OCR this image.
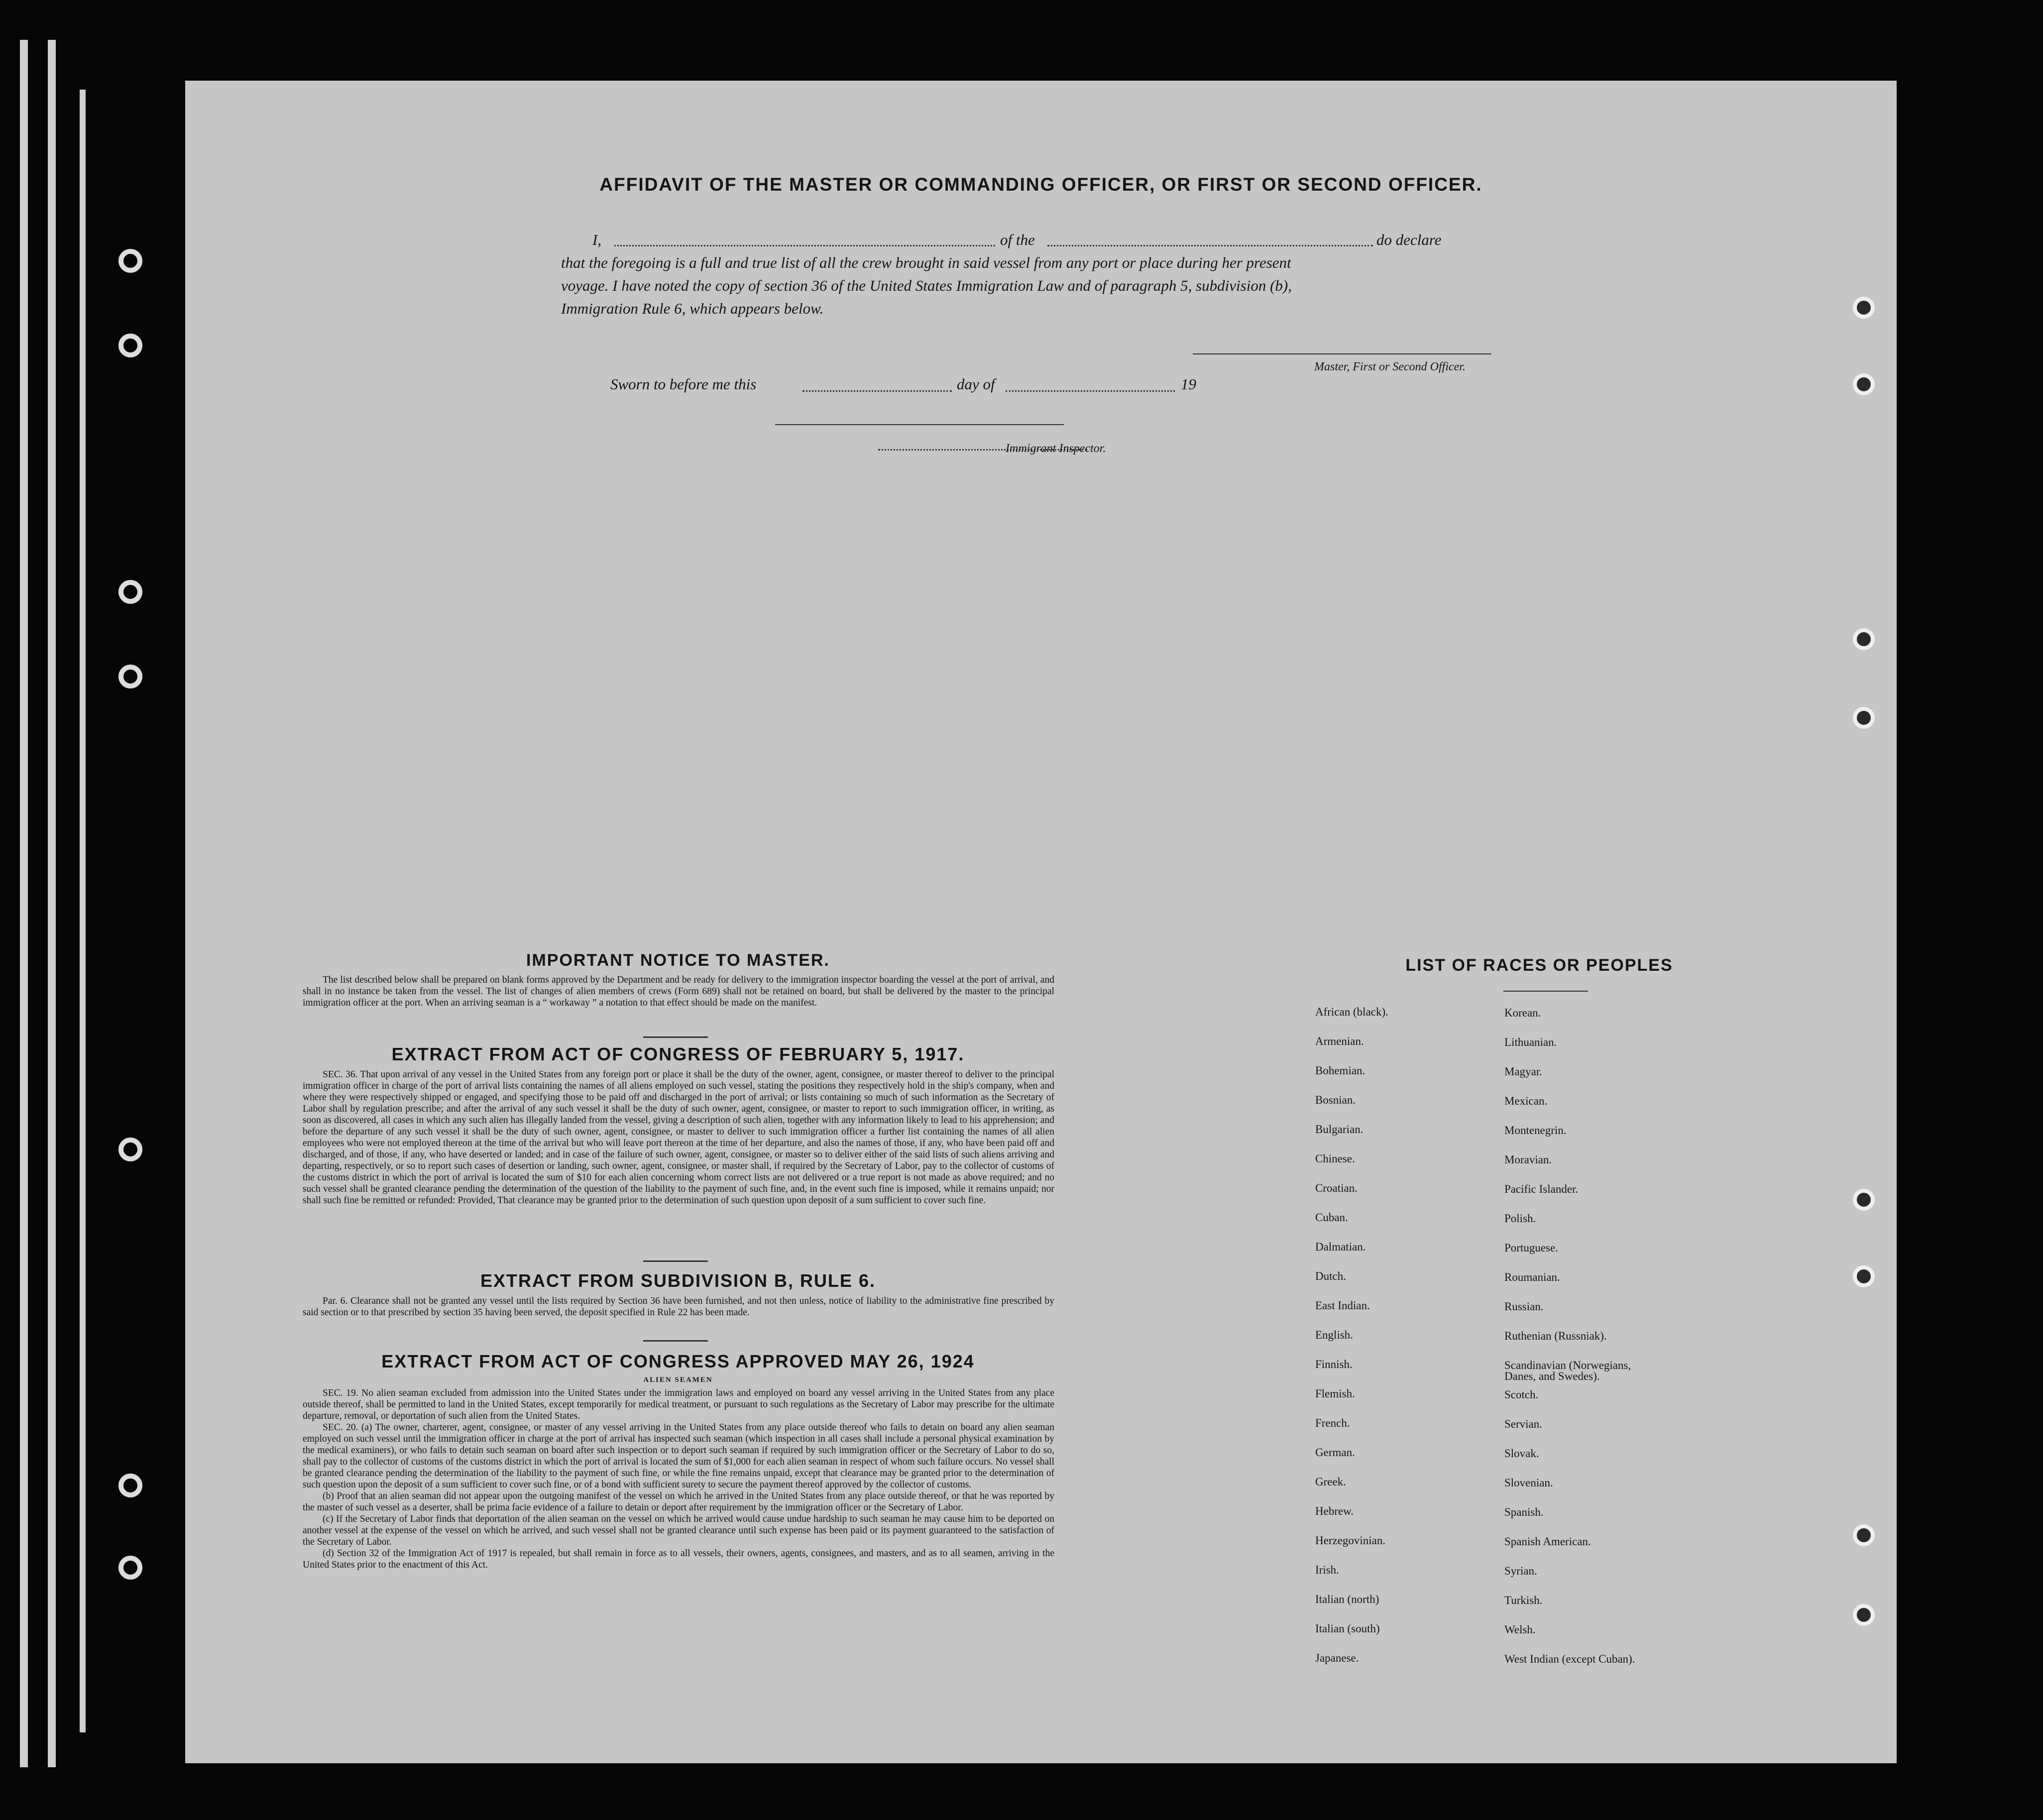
AFFIDAVIT OF THE MASTER OR COMMANDING OFFICER, OR FIRST OR SECOND OFFICER.
I,	of the	do declare
that the foregoing is a full and true list of all the crew brought in said vessel from any port or place during her present
voyage. I have noted the copy of section 36 of the United States Immigration Law and of paragraph 5, subdivision (b),
Immigration Rule 6, which appears below.
Master, First or Second Officer.
Sworn to before me this	day of	19
Immigrant Inspector.
IMPORTANT NOTICE TO MASTER.

The list described below shall be prepared on blank forms approved by the Department and be ready for delivery to the immigration inspector boarding the vessel at the port of arrival, and shall in no instance be taken from the vessel. The list of changes of alien members of crews (Form 689) shall not be retained on board, but shall be delivered by the master to the principal immigration officer at the port. When an arriving seaman is a “ workaway ” a notation to that effect should be made on the manifest.

EXTRACT FROM ACT OF CONGRESS OF FEBRUARY 5, 1917.

SEC. 36. That upon arrival of any vessel in the United States from any foreign port or place it shall be the duty of the owner, agent, consignee, or master thereof to deliver to the principal immigration officer in charge of the port of arrival lists containing the names of all aliens employed on such vessel, stating the positions they respectively hold in the ship's company, when and where they were respectively shipped or engaged, and specifying those to be paid off and discharged in the port of arrival; or lists containing so much of such information as the Secretary of Labor shall by regulation prescribe; and after the arrival of any such vessel it shall be the duty of such owner, agent, consignee, or master to report to such immigration officer, in writing, as soon as discovered, all cases in which any such alien has illegally landed from the vessel, giving a description of such alien, together with any information likely to lead to his apprehension; and before the departure of any such vessel it shall be the duty of such owner, agent, consignee, or master to deliver to such immigration officer a further list containing the names of all alien employees who were not employed thereon at the time of the arrival but who will leave port thereon at the time of her departure, and also the names of those, if any, who have been paid off and discharged, and of those, if any, who have deserted or landed; and in case of the failure of such owner, agent, consignee, or master so to deliver either of the said lists of such aliens arriving and departing, respectively, or so to report such cases of desertion or landing, such owner, agent, consignee, or master shall, if required by the Secretary of Labor, pay to the collector of customs of the customs district in which the port of arrival is located the sum of $10 for each alien concerning whom correct lists are not delivered or a true report is not made as above required; and no such vessel shall be granted clearance pending the determination of the question of the liability to the payment of such fine, and, in the event such fine is imposed, while it remains unpaid; nor shall such fine be remitted or refunded: Provided, That clearance may be granted prior to the determination of such question upon deposit of a sum sufficient to cover such fine.

EXTRACT FROM SUBDIVISION B, RULE 6.

Par. 6. Clearance shall not be granted any vessel until the lists required by Section 36 have been furnished, and not then unless, notice of liability to the administrative fine prescribed by said section or to that prescribed by section 35 having been served, the deposit specified in Rule 22 has been made.

EXTRACT FROM ACT OF CONGRESS APPROVED MAY 26, 1924
ALIEN SEAMEN

SEC. 19. No alien seaman excluded from admission into the United States under the immigration laws and employed on board any vessel arriving in the United States from any place outside thereof, shall be permitted to land in the United States, except temporarily for medical treatment, or pursuant to such regulations as the Secretary of Labor may prescribe for the ultimate departure, removal, or deportation of such alien from the United States.

SEC. 20. (a) The owner, charterer, agent, consignee, or master of any vessel arriving in the United States from any place outside thereof who fails to detain on board any alien seaman employed on such vessel until the immigration officer in charge at the port of arrival has inspected such seaman (which inspection in all cases shall include a personal physical examination by the medical examiners), or who fails to detain such seaman on board after such inspection or to deport such seaman if required by such immigration officer or the Secretary of Labor to do so, shall pay to the collector of customs of the customs district in which the port of arrival is located the sum of $1,000 for each alien seaman in respect of whom such failure occurs. No vessel shall be granted clearance pending the determination of the liability to the payment of such fine, or while the fine remains unpaid, except that clearance may be granted prior to the determination of such question upon the deposit of a sum sufficient to cover such fine, or of a bond with sufficient surety to secure the payment thereof approved by the collector of customs.

(b) Proof that an alien seaman did not appear upon the outgoing manifest of the vessel on which he arrived in the United States from any place outside thereof, or that he was reported by the master of such vessel as a deserter, shall be prima facie evidence of a failure to detain or deport after requirement by the immigration officer or the Secretary of Labor.

(c) If the Secretary of Labor finds that deportation of the alien seaman on the vessel on which he arrived would cause undue hardship to such seaman he may cause him to be deported on another vessel at the expense of the vessel on which he arrived, and such vessel shall not be granted clearance until such expense has been paid or its payment guaranteed to the satisfaction of the Secretary of Labor.

(d) Section 32 of the Immigration Act of 1917 is repealed, but shall remain in force as to all vessels, their owners, agents, consignees, and masters, and as to all seamen, arriving in the United States prior to the enactment of this Act.

LIST OF RACES OR PEOPLES
African (black).
Armenian.
Bohemian.
Bosnian.
Bulgarian.
Chinese.
Croatian.
Cuban.
Dalmatian.
Dutch.
East Indian.
English.
Finnish.
Flemish.
French.
German.
Greek.
Hebrew.
Herzegovinian.
Irish.
Italian (north)
Italian (south)
Japanese.
Korean.
Lithuanian.
Magyar.
Mexican.
Montenegrin.
Moravian.
Pacific Islander.
Polish.
Portuguese.
Roumanian.
Russian.
Ruthenian (Russniak).
Scandinavian (Norwegians,
Danes, and Swedes).
Scotch.
Servian.
Slovak.
Slovenian.
Spanish.
Spanish American.
Syrian.
Turkish.
Welsh.
West Indian (except Cuban).
